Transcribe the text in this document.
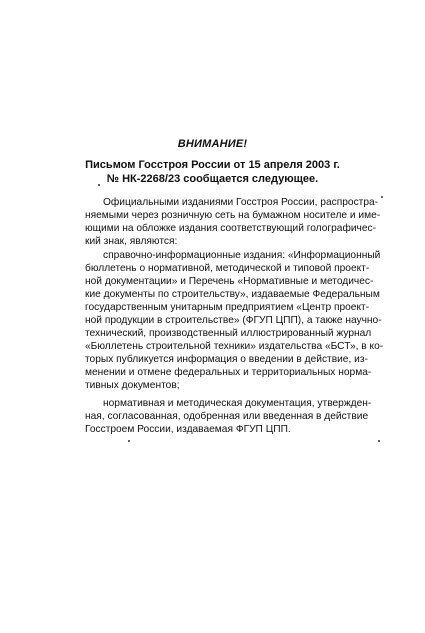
ВНИМАНИЕ!
Письмом Госстроя России от 15 апреля 2003 г.
№ НК-2268/23 сообщается следующее.
Официальными изданиями Госстроя России, распростра-
няемыми через розничную сеть на бумажном носителе и име-
ющими на обложке издания соответствующий голографичес-
кий знак, являются:
справочно-информационные издания: «Информационный
бюллетень о нормативной, методической и типовой проект-
ной документации» и Перечень «Нормативные и методичес-
кие документы по строительству», издаваемые Федеральным
государственным унитарным предприятием «Центр проект-
ной продукции в строительстве» (ФГУП ЦПП), а также научно-
технический, производственный иллюстрированный журнал
«Бюллетень строительной техники» издательства «БСТ», в ко-
торых публикуется информация о введении в действие, из-
менении и отмене федеральных и территориальных норма-
тивных документов;
нормативная и методическая документация, утвержден-
ная, согласованная, одобренная или введенная в действие
Госстроем России, издаваемая ФГУП ЦПП.
